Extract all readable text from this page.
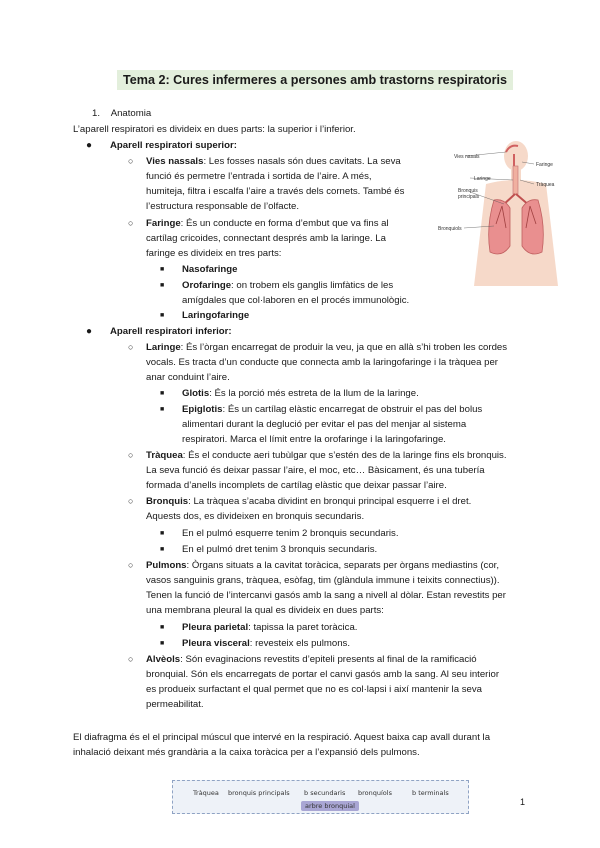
Tema 2: Cures infermeres a persones amb trastorns respiratoris
1. Anatomia
L’aparell respiratori es divideix en dues parts: la superior i l’inferior.
● Aparell respiratori superior:
○ Vies nassals: Les fosses nasals són dues cavitats. La seva
funció és permetre l’entrada i sortida de l’aire. A més,
humiteja, filtra i escalfa l’aire a través dels cornets. També és
l’estructura responsable de l’olfacte.
○ Faringe: És un conducte en forma d’embut que va fins al
cartílag cricoides, connectant després amb la laringe. La
faringe es divideix en tres parts:
■ Nasofaringe
■ Orofaringe: on trobem els ganglis limfàtics de les
amígdales que col·laboren en el procés immunològic.
■ Laringofaringe
Vies nasals
Faringe
Laringe
Tràquea
Bronquis principals
Bronquiols
● Aparell respiratori inferior:
○ Laringe: És l’òrgan encarregat de produir la veu, ja que en allà s’hi troben les cordes
vocals. Es tracta d’un conducte que connecta amb la laringofaringe i la tràquea per
anar conduint l’aire.
■ Glotis: És la porció més estreta de la llum de la laringe.
■ Epiglotis: És un cartílag elàstic encarregat de obstruir el pas del bolus
alimentari durant la deglució per evitar el pas del menjar al sistema
respiratori. Marca el límit entre la orofaringe i la laringofaringe.
○ Tràquea: És el conducte aeri tubùlgar que s’estén des de la laringe fins els bronquis.
La seva funció és deixar passar l’aire, el moc, etc… Bàsicament, és una tubería
formada d’anells incomplets de cartílag elàstic que deixar passar l’aire.
○ Bronquis: La tràquea s’acaba dividint en bronqui principal esquerre i el dret.
Aquests dos, es divideixen en bronquis secundaris.
■ En el pulmó esquerre tenim 2 bronquis secundaris.
■ En el pulmó dret tenim 3 bronquis secundaris.
○ Pulmons: Òrgans situats a la cavitat toràcica, separats per òrgans mediastins (cor,
vasos sanguinis grans, tràquea, esòfag, tim (glàndula immune i teixits connectius)).
Tenen la funció de l’intercanvi gasós amb la sang a nivell al dòlar. Estan revestits per
una membrana pleural la qual es divideix en dues parts:
■ Pleura parietal: tapissa la paret toràcica.
■ Pleura visceral: revesteix els pulmons.
○ Alvèols: Són evaginacions revestits d’epiteli presents al final de la ramificació
bronquial. Són els encarregats de portar el canvi gasós amb la sang. Al seu interior
es produeix surfactant el qual permet que no es col·lapsi i així mantenir la seva
permeabilitat.
El diafragma és el el principal múscul que intervé en la respiració. Aquest baixa cap avall durant la inhalació deixant més grandària a la caixa toràcica per a l’expansió dels pulmons.
Tràquea bronquis principals b secundaris bronquíols	b terminals
arbre bronquial	1
